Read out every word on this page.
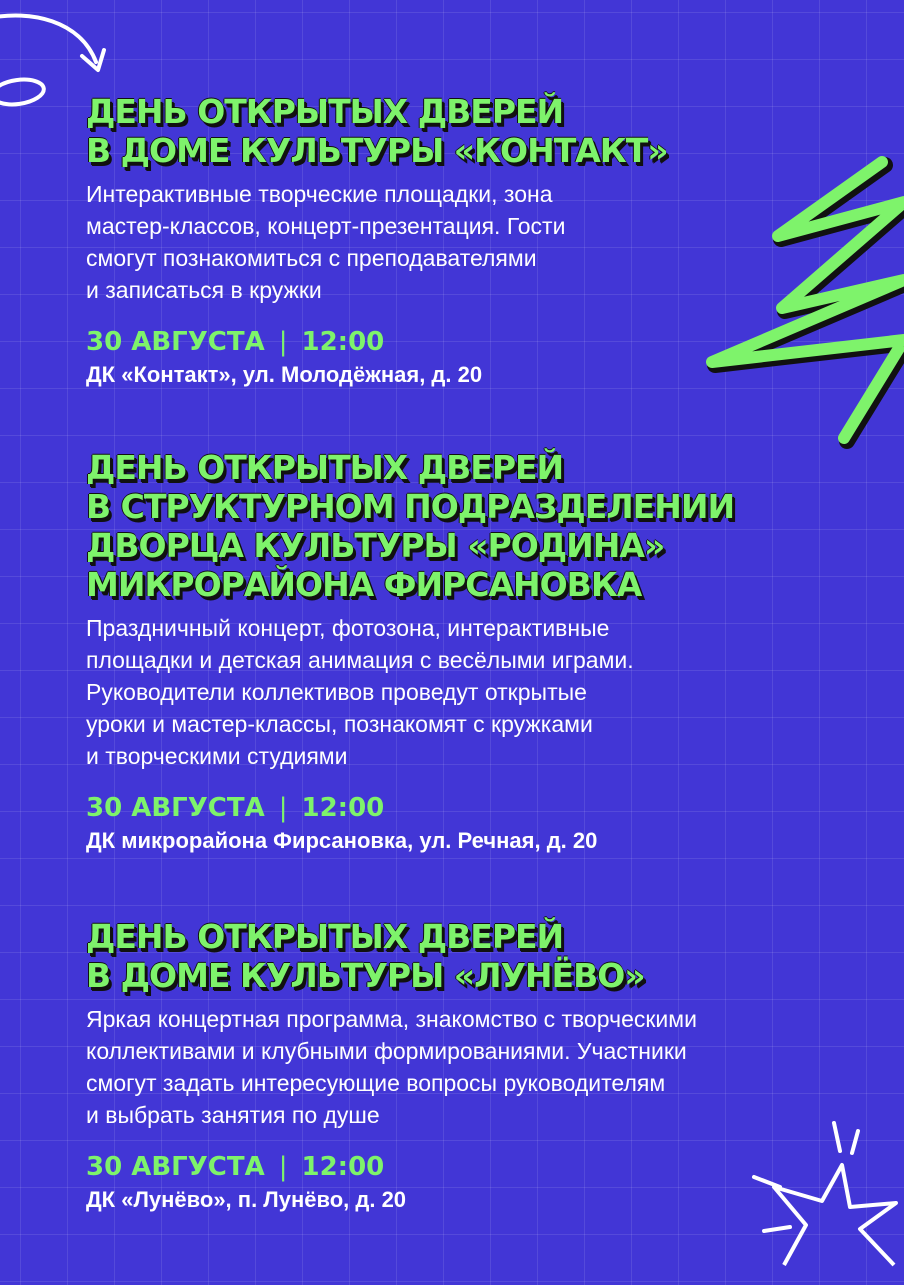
ДЕНЬ ОТКРЫТЫХ ДВЕРЕЙ
В ДОМЕ КУЛЬТУРЫ «КОНТАКТ»

Интерактивные творческие площадки, зона
мастер-классов, концерт-презентация. Гости
смогут познакомиться с преподавателями
и записаться в кружки

30 АВГУСТА | 12:00
ДК «Контакт», ул. Молодёжная, д. 20
ДЕНЬ ОТКРЫТЫХ ДВЕРЕЙ
В СТРУКТУРНОМ ПОДРАЗДЕЛЕНИИ
ДВОРЦА КУЛЬТУРЫ «РОДИНА»
МИКРОРАЙОНА ФИРСАНОВКА

Праздничный концерт, фотозона, интерактивные
площадки и детская анимация с весёлыми играми.
Руководители коллективов проведут открытые
уроки и мастер-классы, познакомят с кружками
и творческими студиями

30 АВГУСТА | 12:00
ДК микрорайона Фирсановка, ул. Речная, д. 20
ДЕНЬ ОТКРЫТЫХ ДВЕРЕЙ
В ДОМЕ КУЛЬТУРЫ «ЛУНЁВО»

Яркая концертная программа, знакомство с творческими
коллективами и клубными формированиями. Участники
смогут задать интересующие вопросы руководителям
и выбрать занятия по душе

30 АВГУСТА | 12:00
ДК «Лунёво», п. Лунёво, д. 20
